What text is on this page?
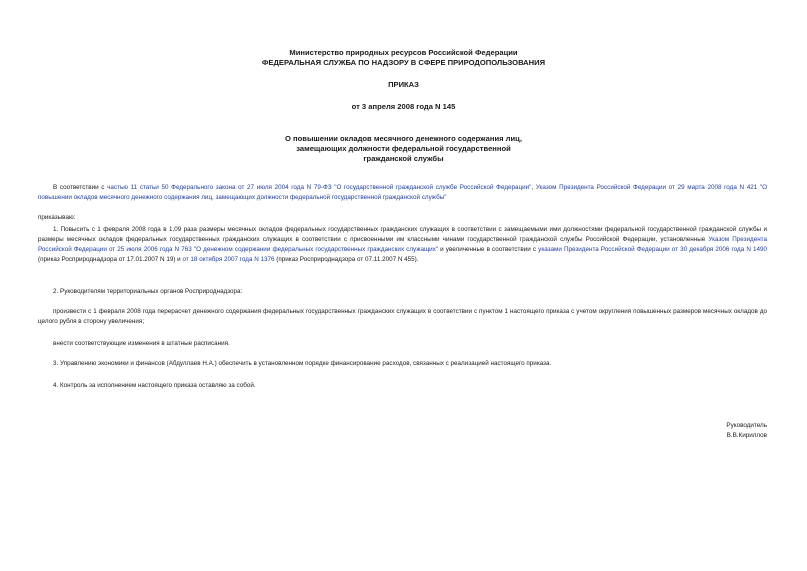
Министерство природных ресурсов Российской Федерации
ФЕДЕРАЛЬНАЯ СЛУЖБА ПО НАДЗОРУ В СФЕРЕ ПРИРОДОПОЛЬЗОВАНИЯ
ПРИКАЗ
от 3 апреля 2008 года N 145
О повышении окладов месячного денежного содержания лиц,
замещающих должности федеральной государственной
гражданской службы
В соответствии с частью 11 статьи 50 Федерального закона от 27 июля 2004 года N 79-ФЗ "О государственной гражданской службе Российской Федерации", Указом Президента Российской Федерации от 29 марта 2008 года N 421 "О повышении окладов месячного денежного содержания лиц, замещающих должности федеральной государственной гражданской службы"
приказываю:
1. Повысить с 1 февраля 2008 года в 1,09 раза размеры месячных окладов федеральных государственных гражданских служащих в соответствии с замещаемыми ими должностями федеральной государственной гражданской службы и размеры месячных окладов федеральных государственных гражданских служащих в соответствии с присвоенными им классными чинами государственной гражданской службы Российской Федерации, установленные Указом Президента Российской Федерации от 25 июля 2006 года N 763 "О денежном содержании федеральных государственных гражданских служащих" и увеличенные в соответствии с указами Президента Российской Федерации от 30 декабря 2006 года N 1490 (приказ Росприроднадзора от 17.01.2007 N 19) и от 18 октября 2007 года N 1376 (приказ Росприроднадзора от 07.11.2007 N 455).
2. Руководителям территориальных органов Росприроднадзора:
произвести с 1 февраля 2008 года перерасчет денежного содержания федеральных государственных гражданских служащих в соответствии с пунктом 1 настоящего приказа с учетом округления повышенных размеров месячных окладов до целого рубля в сторону увеличения;
внести соответствующие изменения в штатные расписания.
3. Управлению экономики и финансов (Абдуллаев Н.А.) обеспечить в установленном порядке финансирование расходов, связанных с реализацией настоящего приказа.
4. Контроль за исполнением настоящего приказа оставляю за собой.
Руководитель
В.В.Кириллов
